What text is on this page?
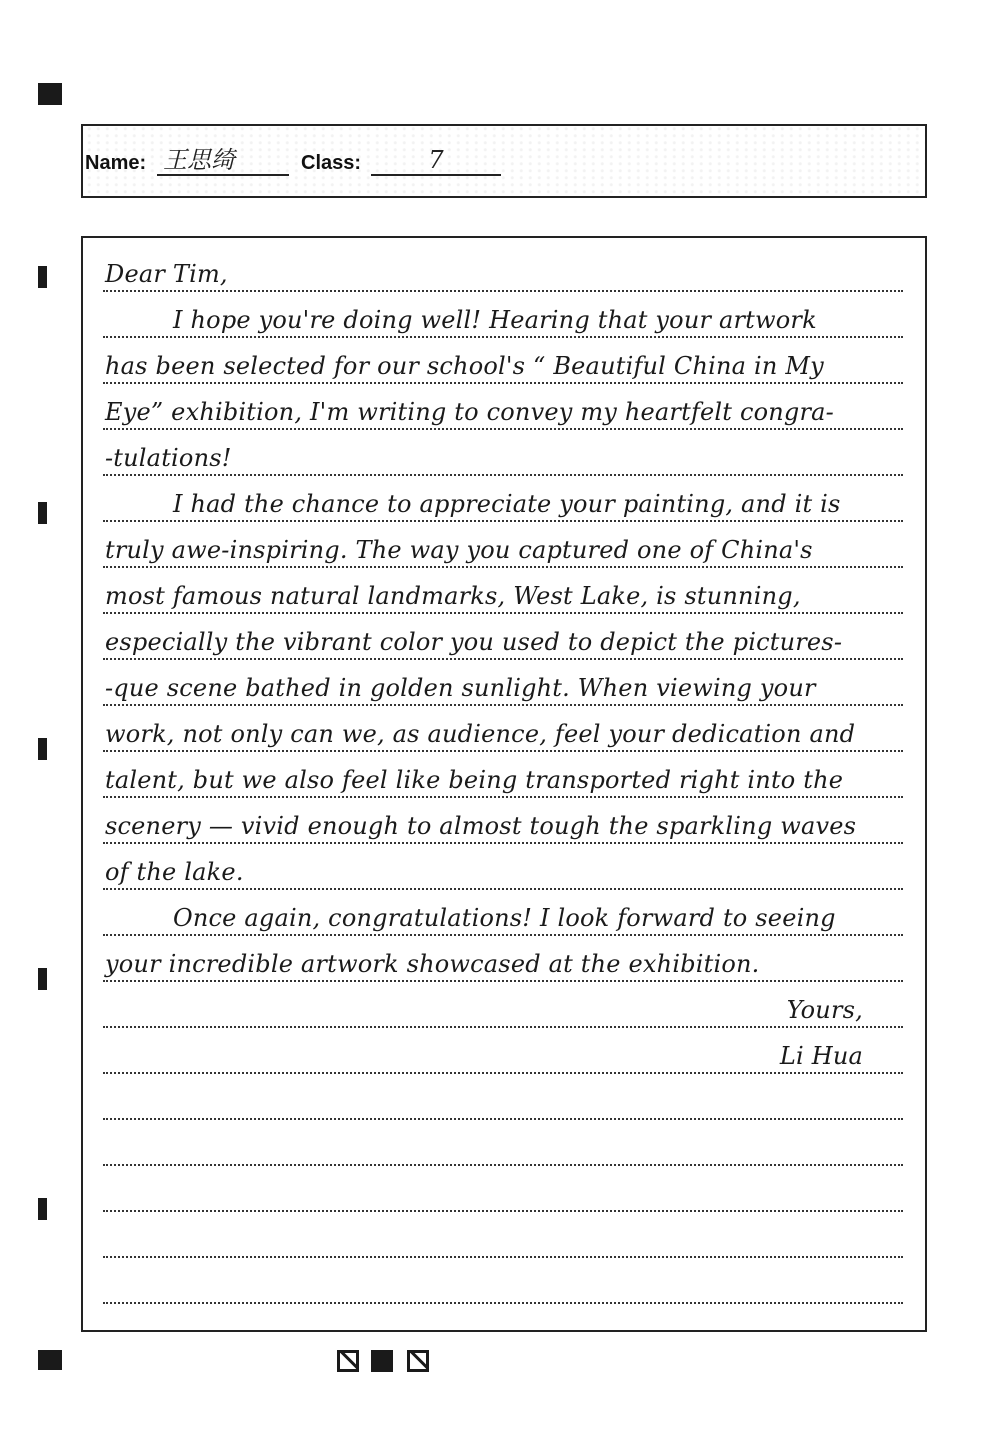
Name: 王思绮	Class:	7
Dear Tim,
I hope you're doing well! Hearing that your artwork
has been selected for our school's “ Beautiful China in My
Eye” exhibition, I'm writing to convey my heartfelt congra-
-tulations!
I had the chance to appreciate your painting, and it is
truly awe-inspiring. The way you captured one of China's
most famous natural landmarks, West Lake, is stunning,
especially the vibrant color you used to depict the pictures-
-que scene bathed in golden sunlight. When viewing your
work, not only can we, as audience, feel your dedication and
talent, but we also feel like being transported right into the
scenery — vivid enough to almost tough the sparkling waves
of the lake.
Once again, congratulations! I look forward to seeing
your incredible artwork showcased at the exhibition.
Yours,
Li Hua
